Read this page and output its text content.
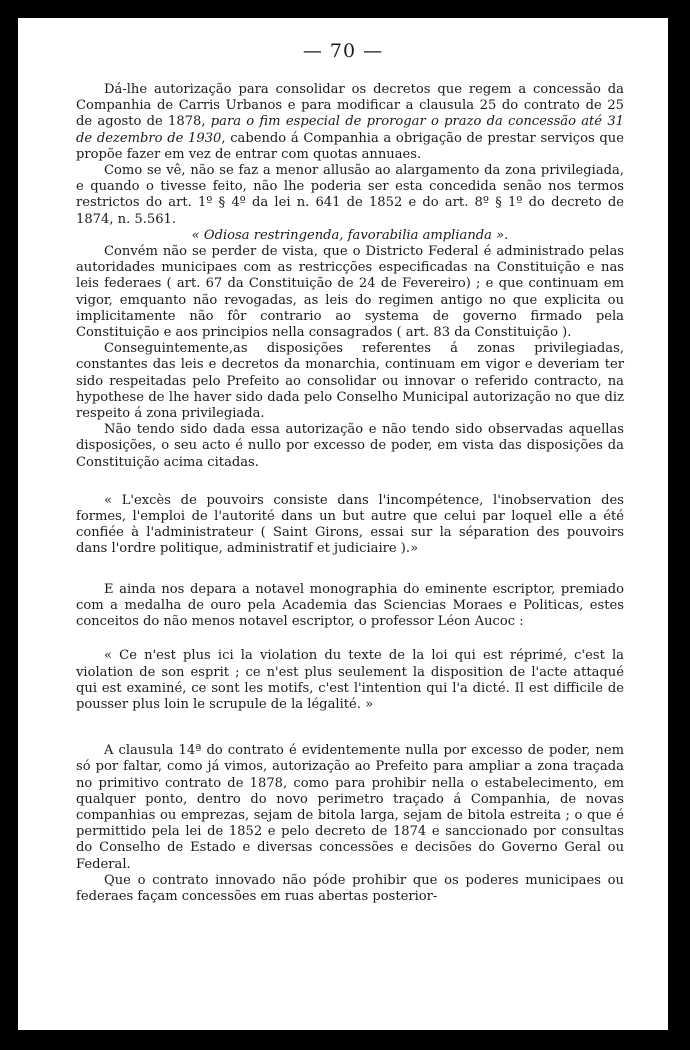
— 70 —

Dá-lhe autorização para consolidar os decretos que regem a concessão da Companhia de Carris Urbanos e para modificar a clausula 25 do contrato de 25 de agosto de 1878, para o fim especial de prorogar o prazo da concessão até 31 de dezembro de 1930, cabendo á Companhia a obrigação de prestar serviços que propõe fazer em vez de entrar com quotas annuaes.

Como se vê, não se faz a menor allusão ao alargamento da zona privilegiada, e quando o tivesse feito, não lhe poderia ser esta concedida senão nos termos restrictos do art. 1º § 4º da lei n. 641 de 1852 e do art. 8º § 1º do decreto de 1874, n. 5.561.

« Odiosa restringenda, favorabilia amplianda ».

Convém não se perder de vista, que o Districto Federal é administrado pelas autoridades municipaes com as restricções especificadas na Constituição e nas leis federaes ( art. 67 da Constituição de 24 de Fevereiro) ; e que continuam em vigor, emquanto não revogadas, as leis do regimen antigo no que explicita ou implicitamente não fôr contrario ao systema de governo firmado pela Constituição e aos principios nella consagrados ( art. 83 da Constituição ).

Conseguintemente,as disposições referentes á zonas privilegiadas, constantes das leis e decretos da monarchia, continuam em vigor e deveriam ter sido respeitadas pelo Prefeito ao consolidar ou innovar o referido contracto, na hypothese de lhe haver sido dada pelo Conselho Municipal autorização no que diz respeito á zona privilegiada.

Não tendo sido dada essa autorização e não tendo sido observadas aquellas disposições, o seu acto é nullo por excesso de poder, em vista das disposições da Constituição acima citadas.

« L'excès de pouvoirs consiste dans l'incompétence, l'inobservation des formes, l'emploi de l'autorité dans un but autre que celui par loquel elle a été confiée à l'administrateur ( Saint Girons, essai sur la séparation des pouvoirs dans l'ordre politique, administratif et judiciaire ).»

E ainda nos depara a notavel monographia do eminente escriptor, premiado com a medalha de ouro pela Academia das Sciencias Moraes e Politicas, estes conceitos do não menos notavel escriptor, o professor Léon Aucoc :

« Ce n'est plus ici la violation du texte de la loi qui est réprimé, c'est la violation de son esprit ; ce n'est plus seulement la disposition de l'acte attaqué qui est examiné, ce sont les motifs, c'est l'intention qui l'a dicté. Il est difficile de pousser plus loin le scrupule de la légalité. »

A clausula 14ª do contrato é evidentemente nulla por excesso de poder, nem só por faltar, como já vimos, autorização ao Prefeito para ampliar a zona traçada no primitivo contrato de 1878, como para prohibir nella o estabelecimento, em qualquer ponto, dentro do novo perimetro traçado á Companhia, de novas companhias ou emprezas, sejam de bitola larga, sejam de bitola estreita ; o que é permittido pela lei de 1852 e pelo decreto de 1874 e sanccionado por consultas do Conselho de Estado e diversas concessões e decisões do Governo Geral ou Federal.

Que o contrato innovado não póde prohibir que os poderes municipaes ou federaes façam concessões em ruas abertas posterior-
